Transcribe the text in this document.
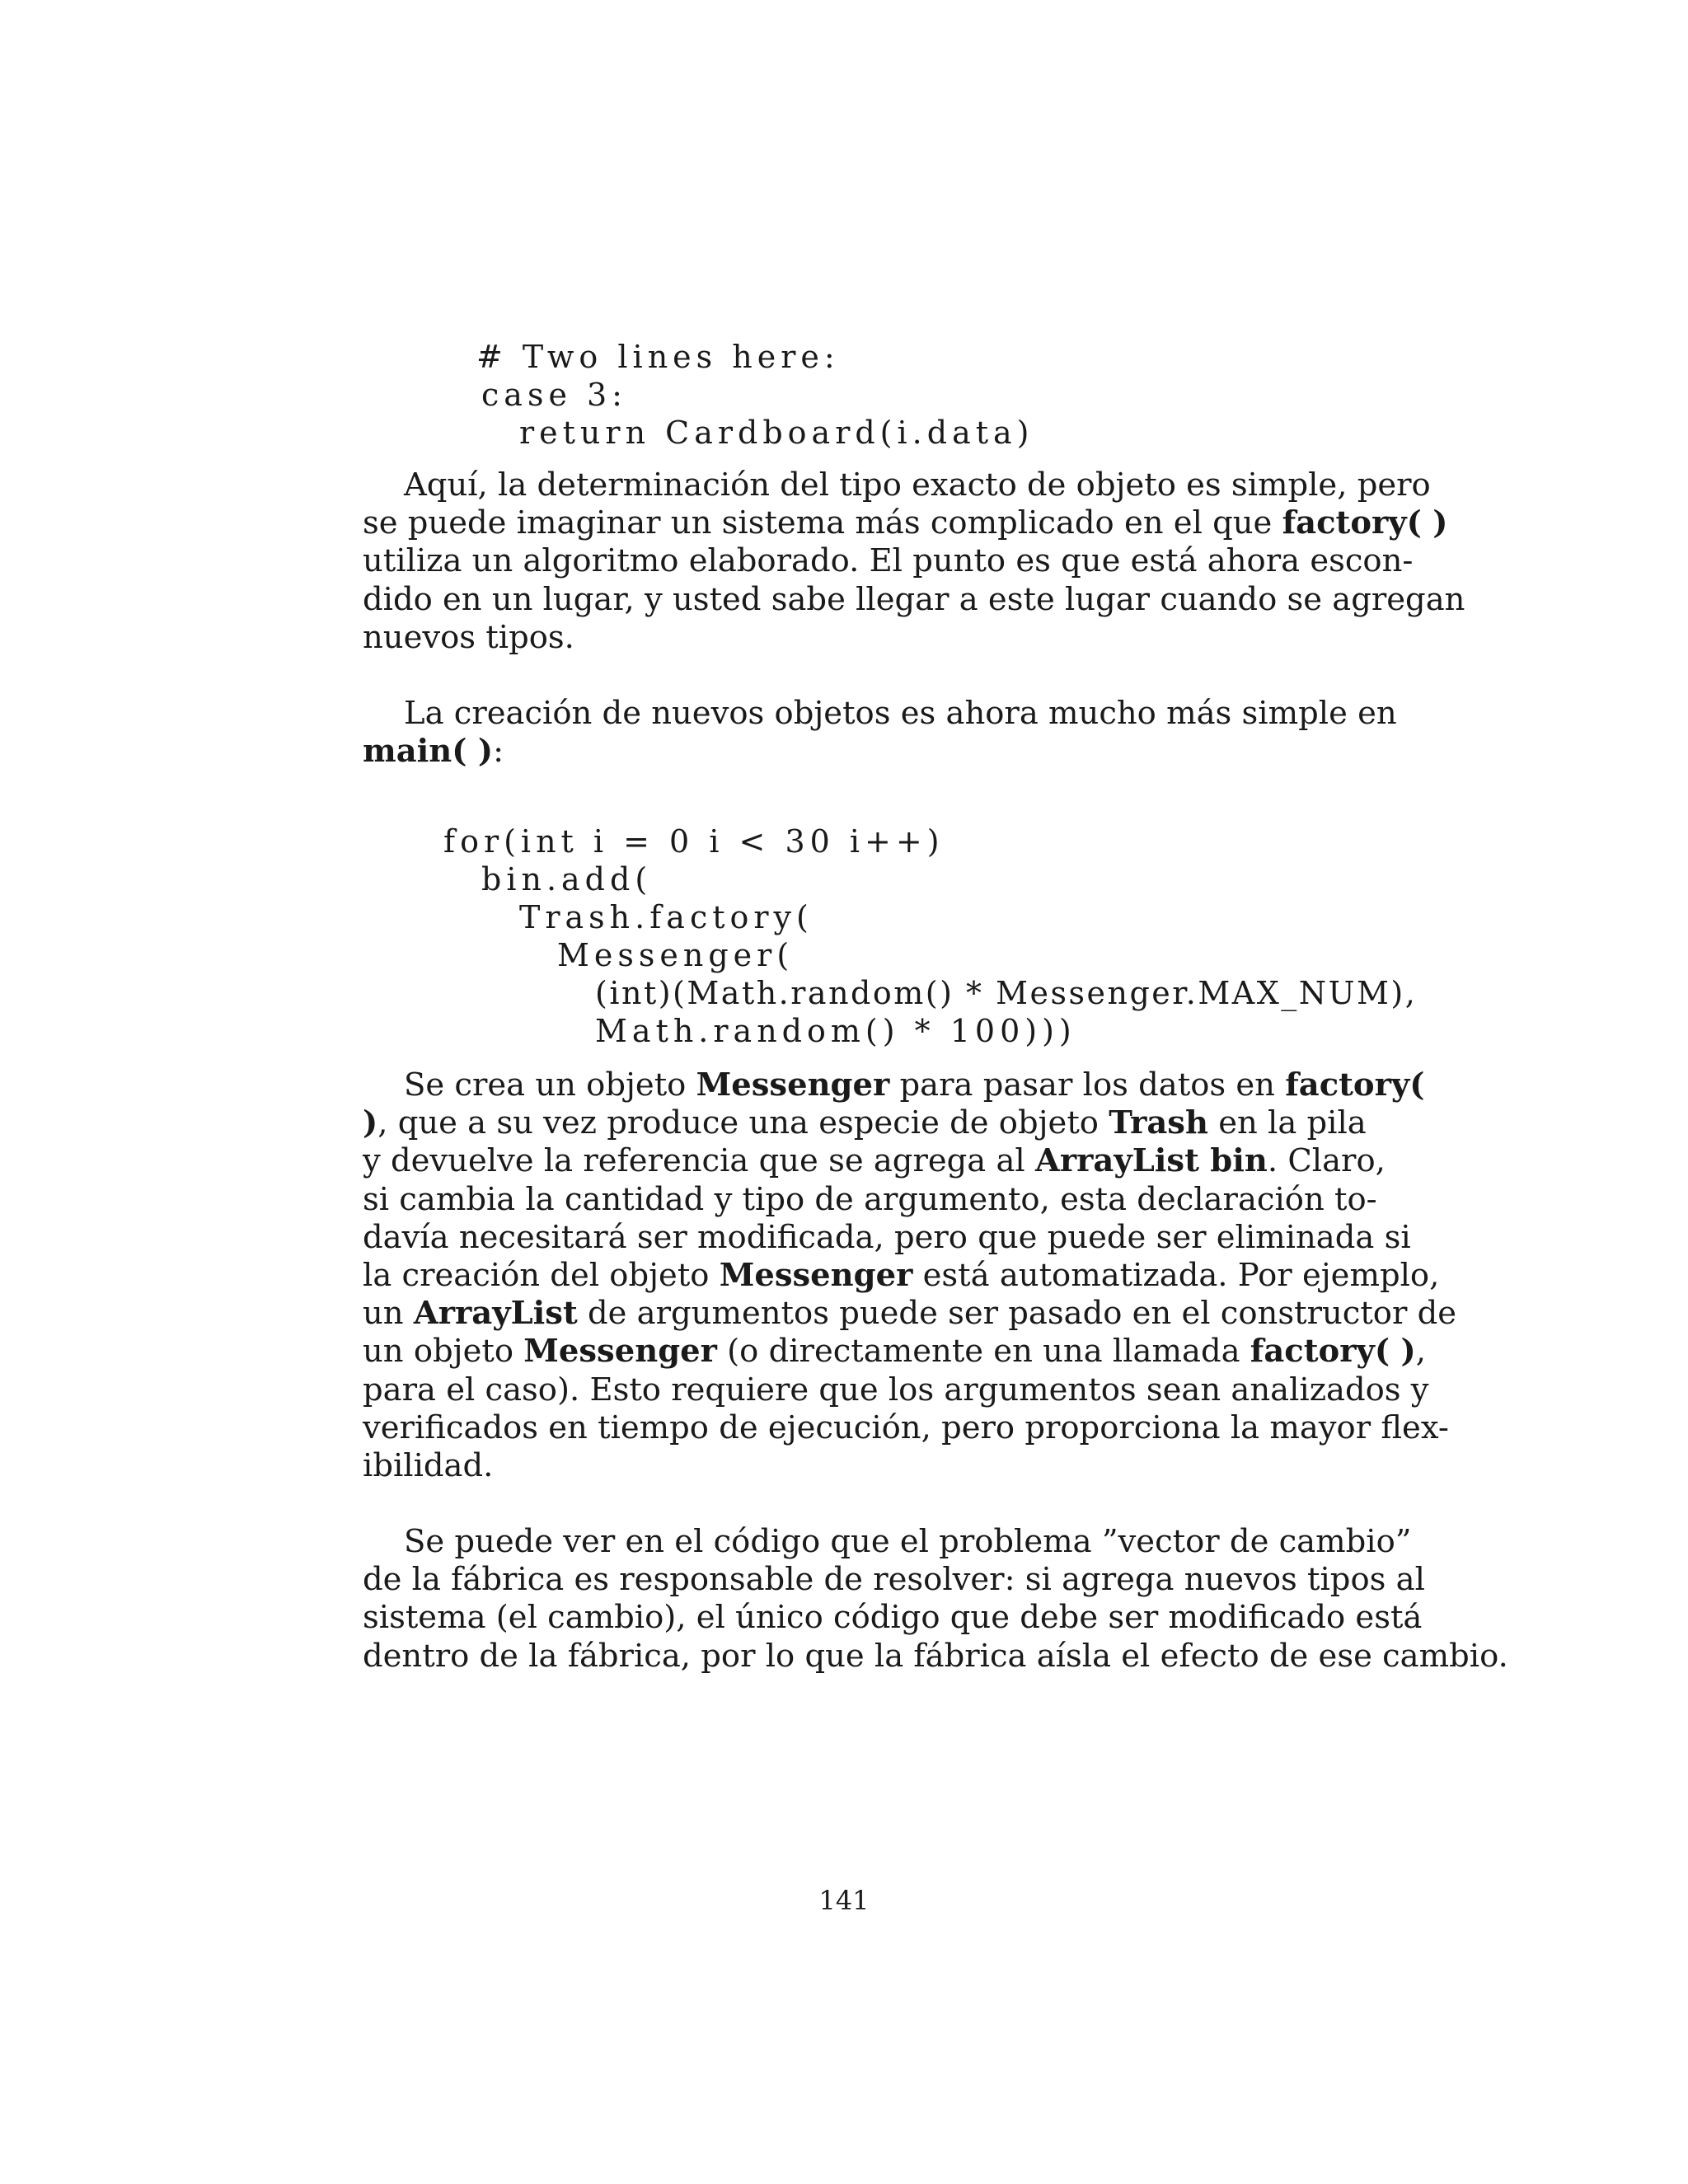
# Two lines here:
case 3:
return Cardboard(i.data)
Aquí, la determinación del tipo exacto de objeto es simple, pero
se puede imaginar un sistema más complicado en el que factory( )
utiliza un algoritmo elaborado. El punto es que está ahora escon-
dido en un lugar, y usted sabe llegar a este lugar cuando se agregan
nuevos tipos.
La creación de nuevos objetos es ahora mucho más simple en
main( ):
for(int i = 0 i < 30 i++)
bin.add(
Trash.factory(
Messenger(
(int)(Math.random() * Messenger.MAX_NUM),
Math.random() * 100)))
Se crea un objeto Messenger para pasar los datos en factory(
), que a su vez produce una especie de objeto Trash en la pila
y devuelve la referencia que se agrega al ArrayList bin. Claro,
si cambia la cantidad y tipo de argumento, esta declaración to-
davía necesitará ser modificada, pero que puede ser eliminada si
la creación del objeto Messenger está automatizada. Por ejemplo,
un ArrayList de argumentos puede ser pasado en el constructor de
un objeto Messenger (o directamente en una llamada factory( ),
para el caso). Esto requiere que los argumentos sean analizados y
verificados en tiempo de ejecución, pero proporciona la mayor flex-
ibilidad.
Se puede ver en el código que el problema ”vector de cambio”
de la fábrica es responsable de resolver: si agrega nuevos tipos al
sistema (el cambio), el único código que debe ser modificado está
dentro de la fábrica, por lo que la fábrica aísla el efecto de ese cambio.
141
